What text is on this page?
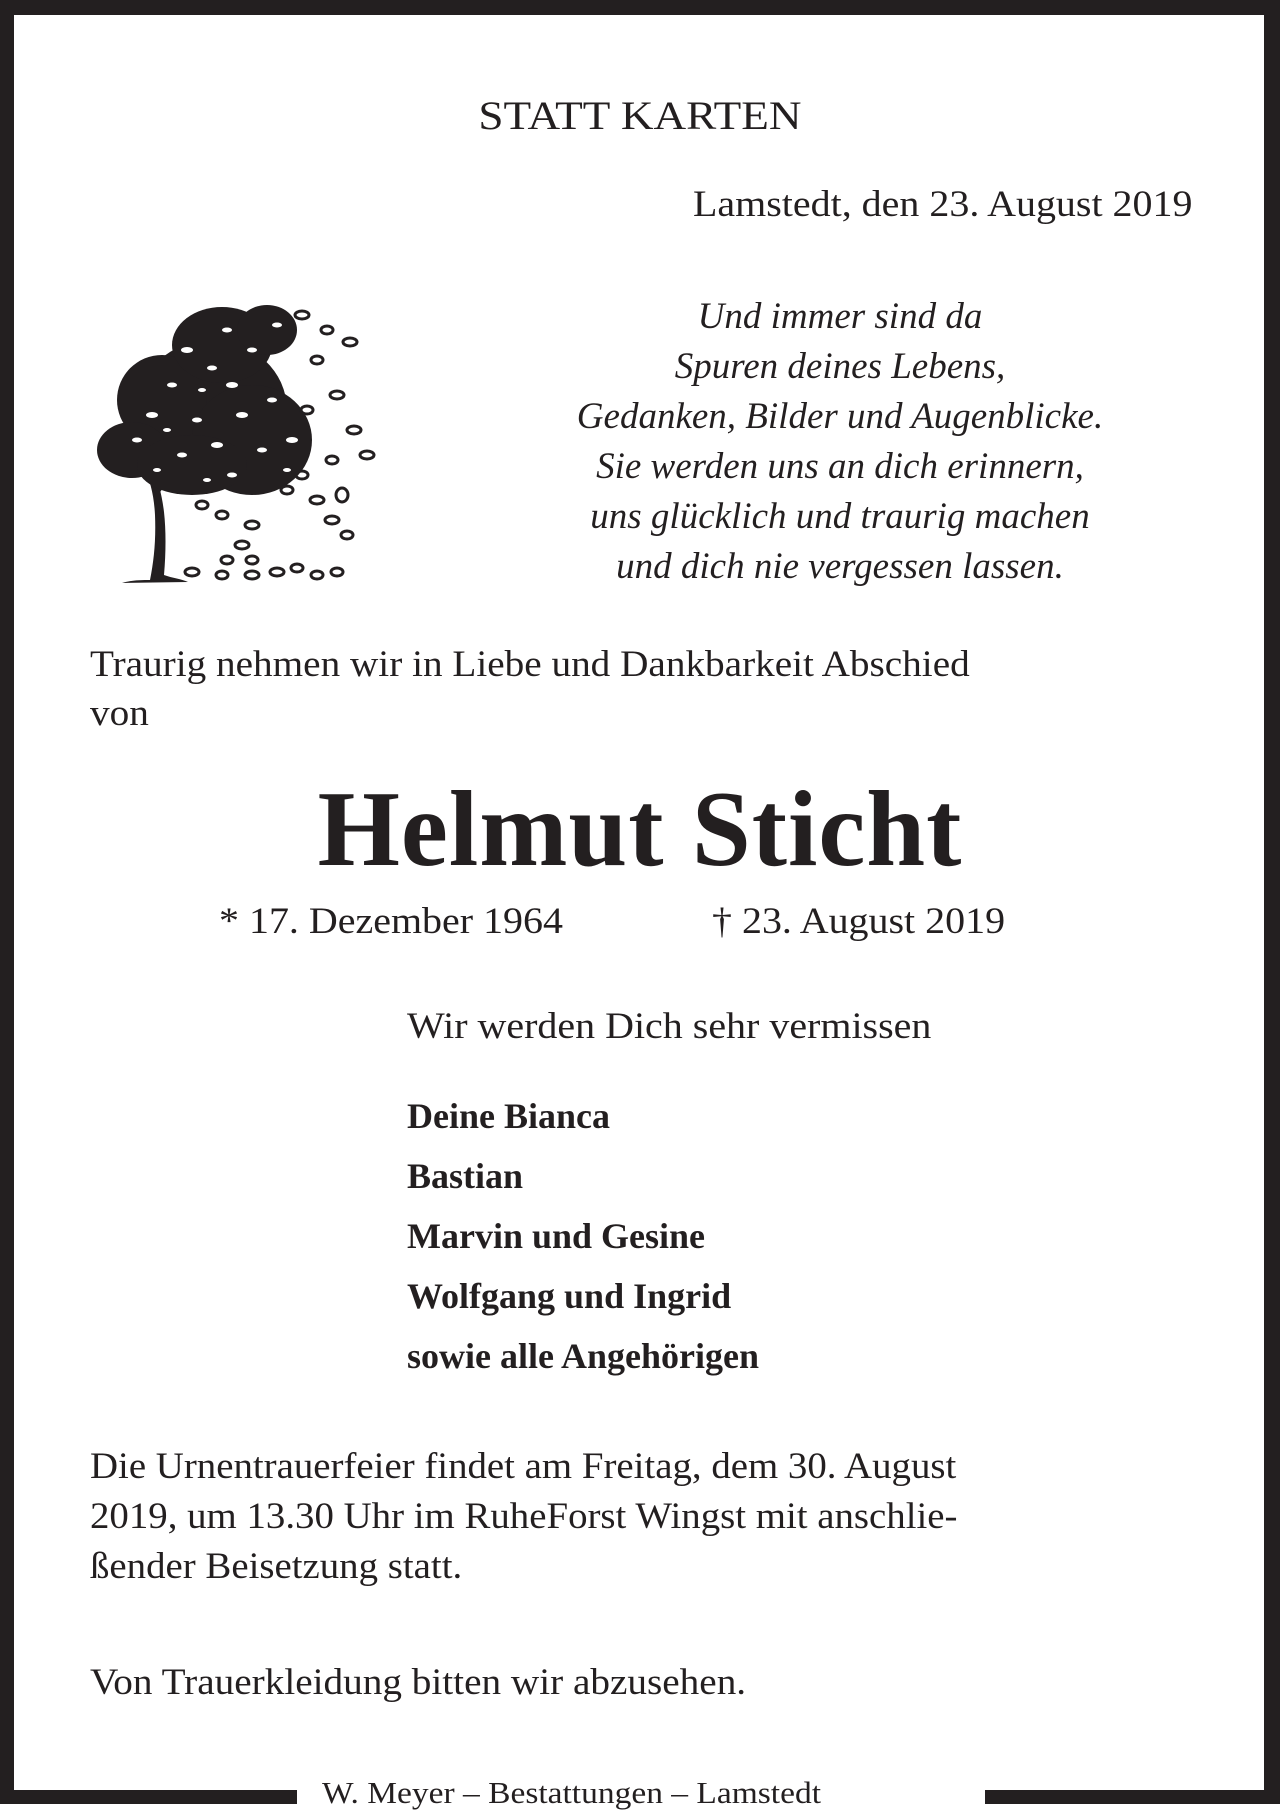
STATT KARTEN
Lamstedt, den 23. August 2019
Und immer sind da
Spuren deines Lebens,
Gedanken, Bilder und Augenblicke.
Sie werden uns an dich erinnern,
uns glücklich und traurig machen
und dich nie vergessen lassen.
Traurig nehmen wir in Liebe und Dankbarkeit Abschied
von
Helmut Sticht
* 17. Dezember 1964	† 23. August 2019
Wir werden Dich sehr vermissen
Deine Bianca
Bastian
Marvin und Gesine
Wolfgang und Ingrid
sowie alle Angehörigen
Die Urnentrauerfeier findet am Freitag, dem 30. August
2019, um 13.30 Uhr im RuheForst Wingst mit anschlie-
ßender Beisetzung statt.
Von Trauerkleidung bitten wir abzusehen.
W. Meyer – Bestattungen – Lamstedt
